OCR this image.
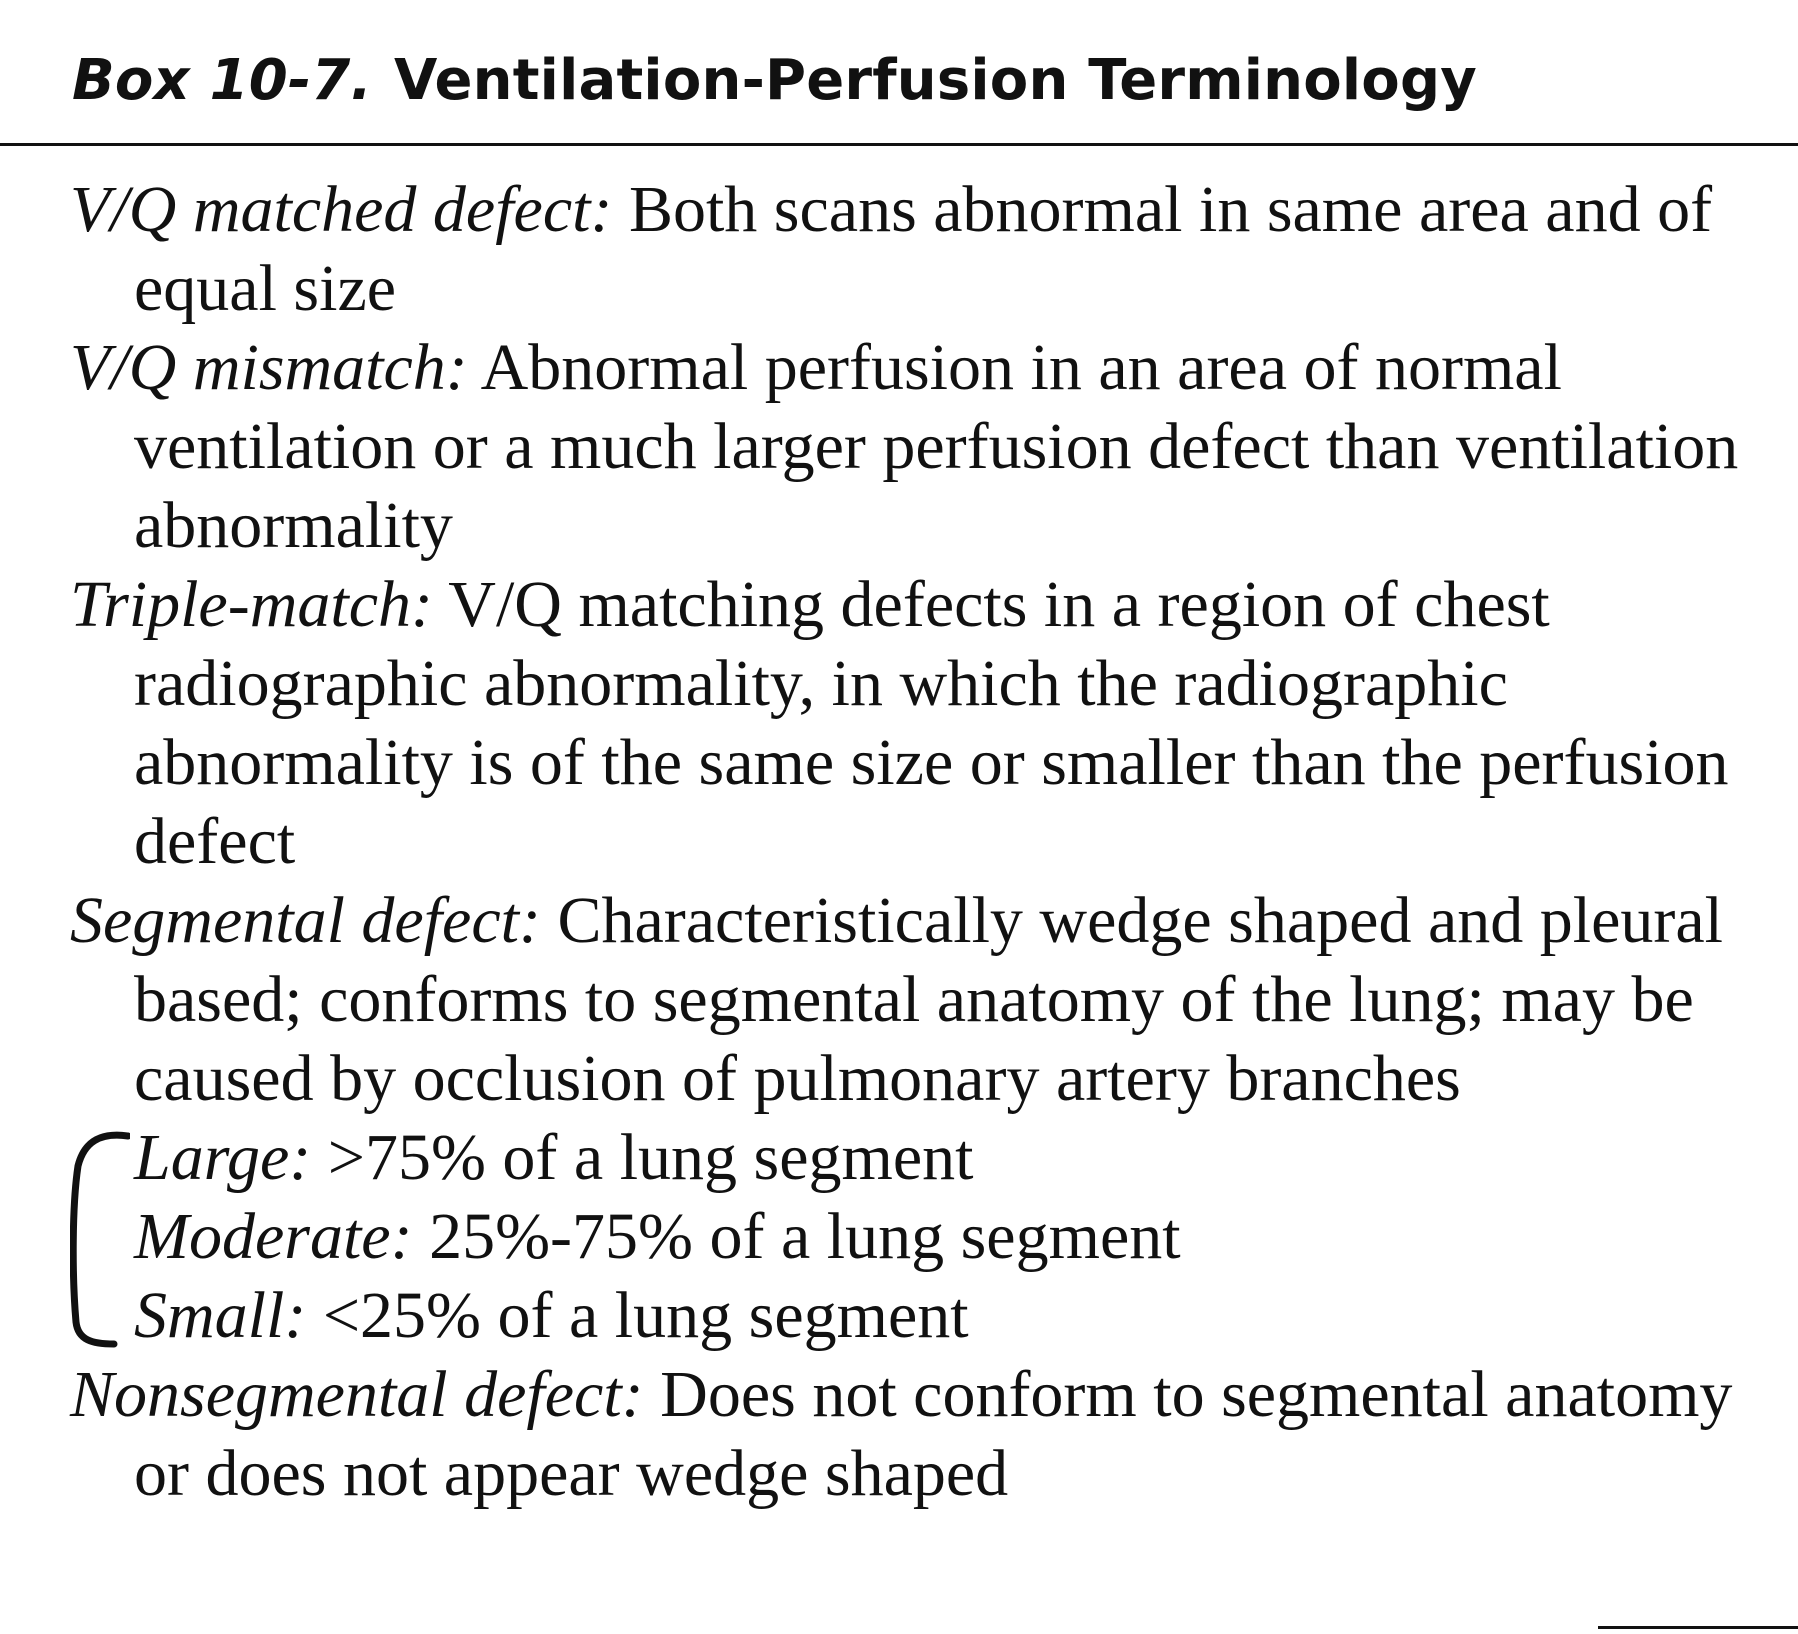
Box 10-7. Ventilation-Perfusion Terminology
V/Q matched defect: Both scans abnormal in same area and of equal size
V/Q mismatch: Abnormal perfusion in an area of normal ventilation or a much larger perfusion defect than ventilation abnormality
Triple-match: V/Q matching defects in a region of chest radiographic abnormality, in which the radiographic abnormality is of the same size or smaller than the perfusion defect
Segmental defect: Characteristically wedge shaped and pleural based; conforms to segmental anatomy of the lung; may be caused by occlusion of pulmonary artery branches
Large: >75% of a lung segment
Moderate: 25%-75% of a lung segment
Small: <25% of a lung segment
Nonsegmental defect: Does not conform to segmental anatomy or does not appear wedge shaped
